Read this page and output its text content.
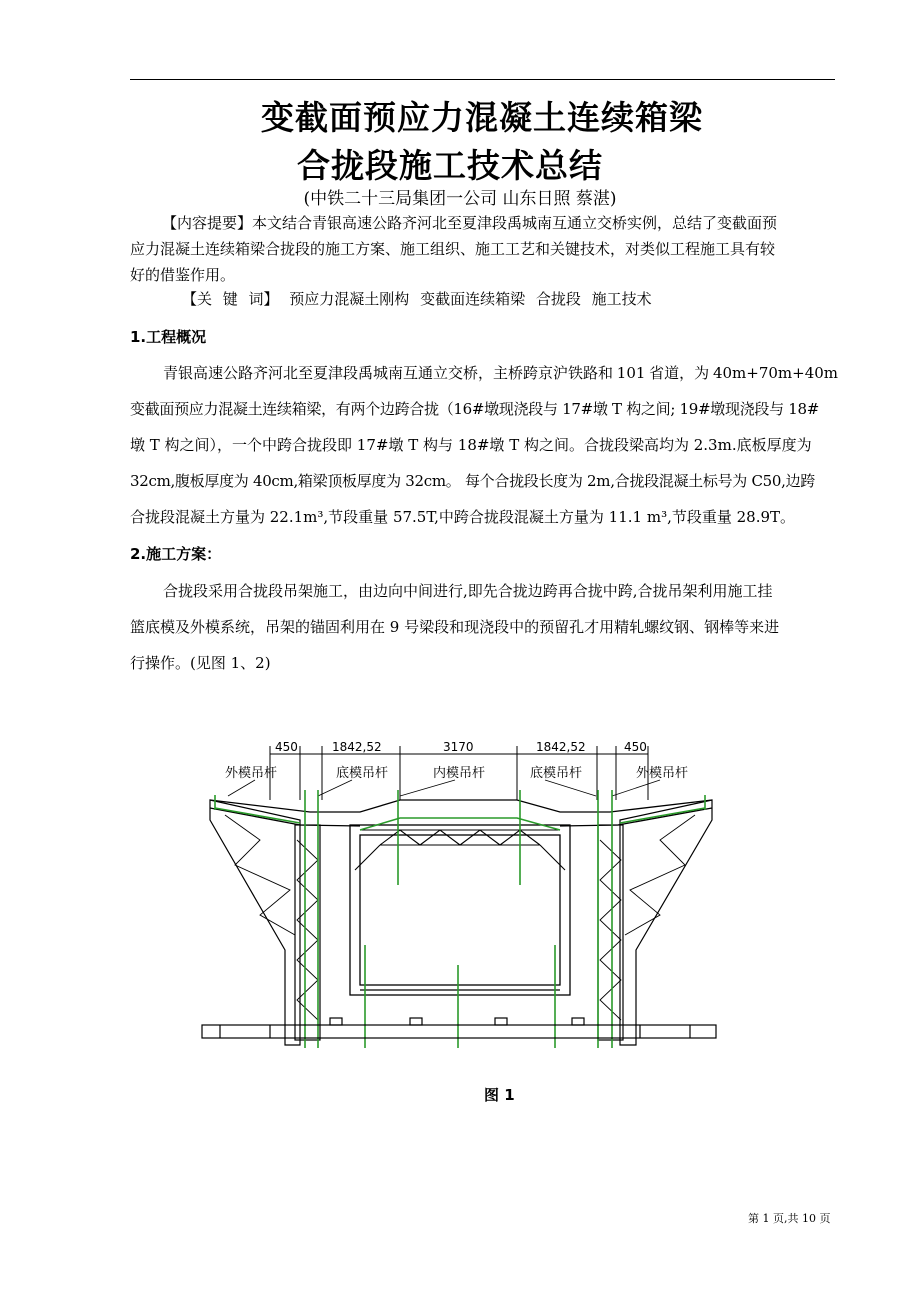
变截面预应力混凝土连续箱梁
合拢段施工技术总结
(中铁二十三局集团一公司 山东日照 蔡湛)
【内容提要】本文结合青银高速公路齐河北至夏津段禹城南互通立交桥实例，总结了变截面预
应力混凝土连续箱梁合拢段的施工方案、施工组织、施工工艺和关键技术，对类似工程施工具有较
好的借鉴作用。
【关 键 词】 预应力混凝土刚构 变截面连续箱梁 合拢段 施工技术
1.工程概况
青银高速公路齐河北至夏津段禹城南互通立交桥，主桥跨京沪铁路和 101 省道，为 40m+70m+40m
变截面预应力混凝土连续箱梁，有两个边跨合拢（16#墩现浇段与 17#墩 T 构之间; 19#墩现浇段与 18#
墩 T 构之间），一个中跨合拢段即 17#墩 T 构与 18#墩 T 构之间。合拢段梁高均为 2.3m.底板厚度为
32cm,腹板厚度为 40cm,箱梁顶板厚度为 32cm。 每个合拢段长度为 2m,合拢段混凝土标号为 C50,边跨
合拢段混凝土方量为 22.1m³,节段重量 57.5T,中跨合拢段混凝土方量为 11.1 m³,节段重量 28.9T。
2.施工方案：
合拢段采用合拢段吊架施工，由边向中间进行,即先合拢边跨再合拢中跨,合拢吊架利用施工挂
篮底模及外模系统，吊架的锚固利用在 9 号梁段和现浇段中的预留孔才用精轧螺纹钢、钢棒等来进
行操作。(见图 1、2)
450	1842,52	3170	1842,52	450
外模吊杆	底模吊杆	内模吊杆	底模吊杆	外模吊杆
图 1
第 1 页,共 10 页
